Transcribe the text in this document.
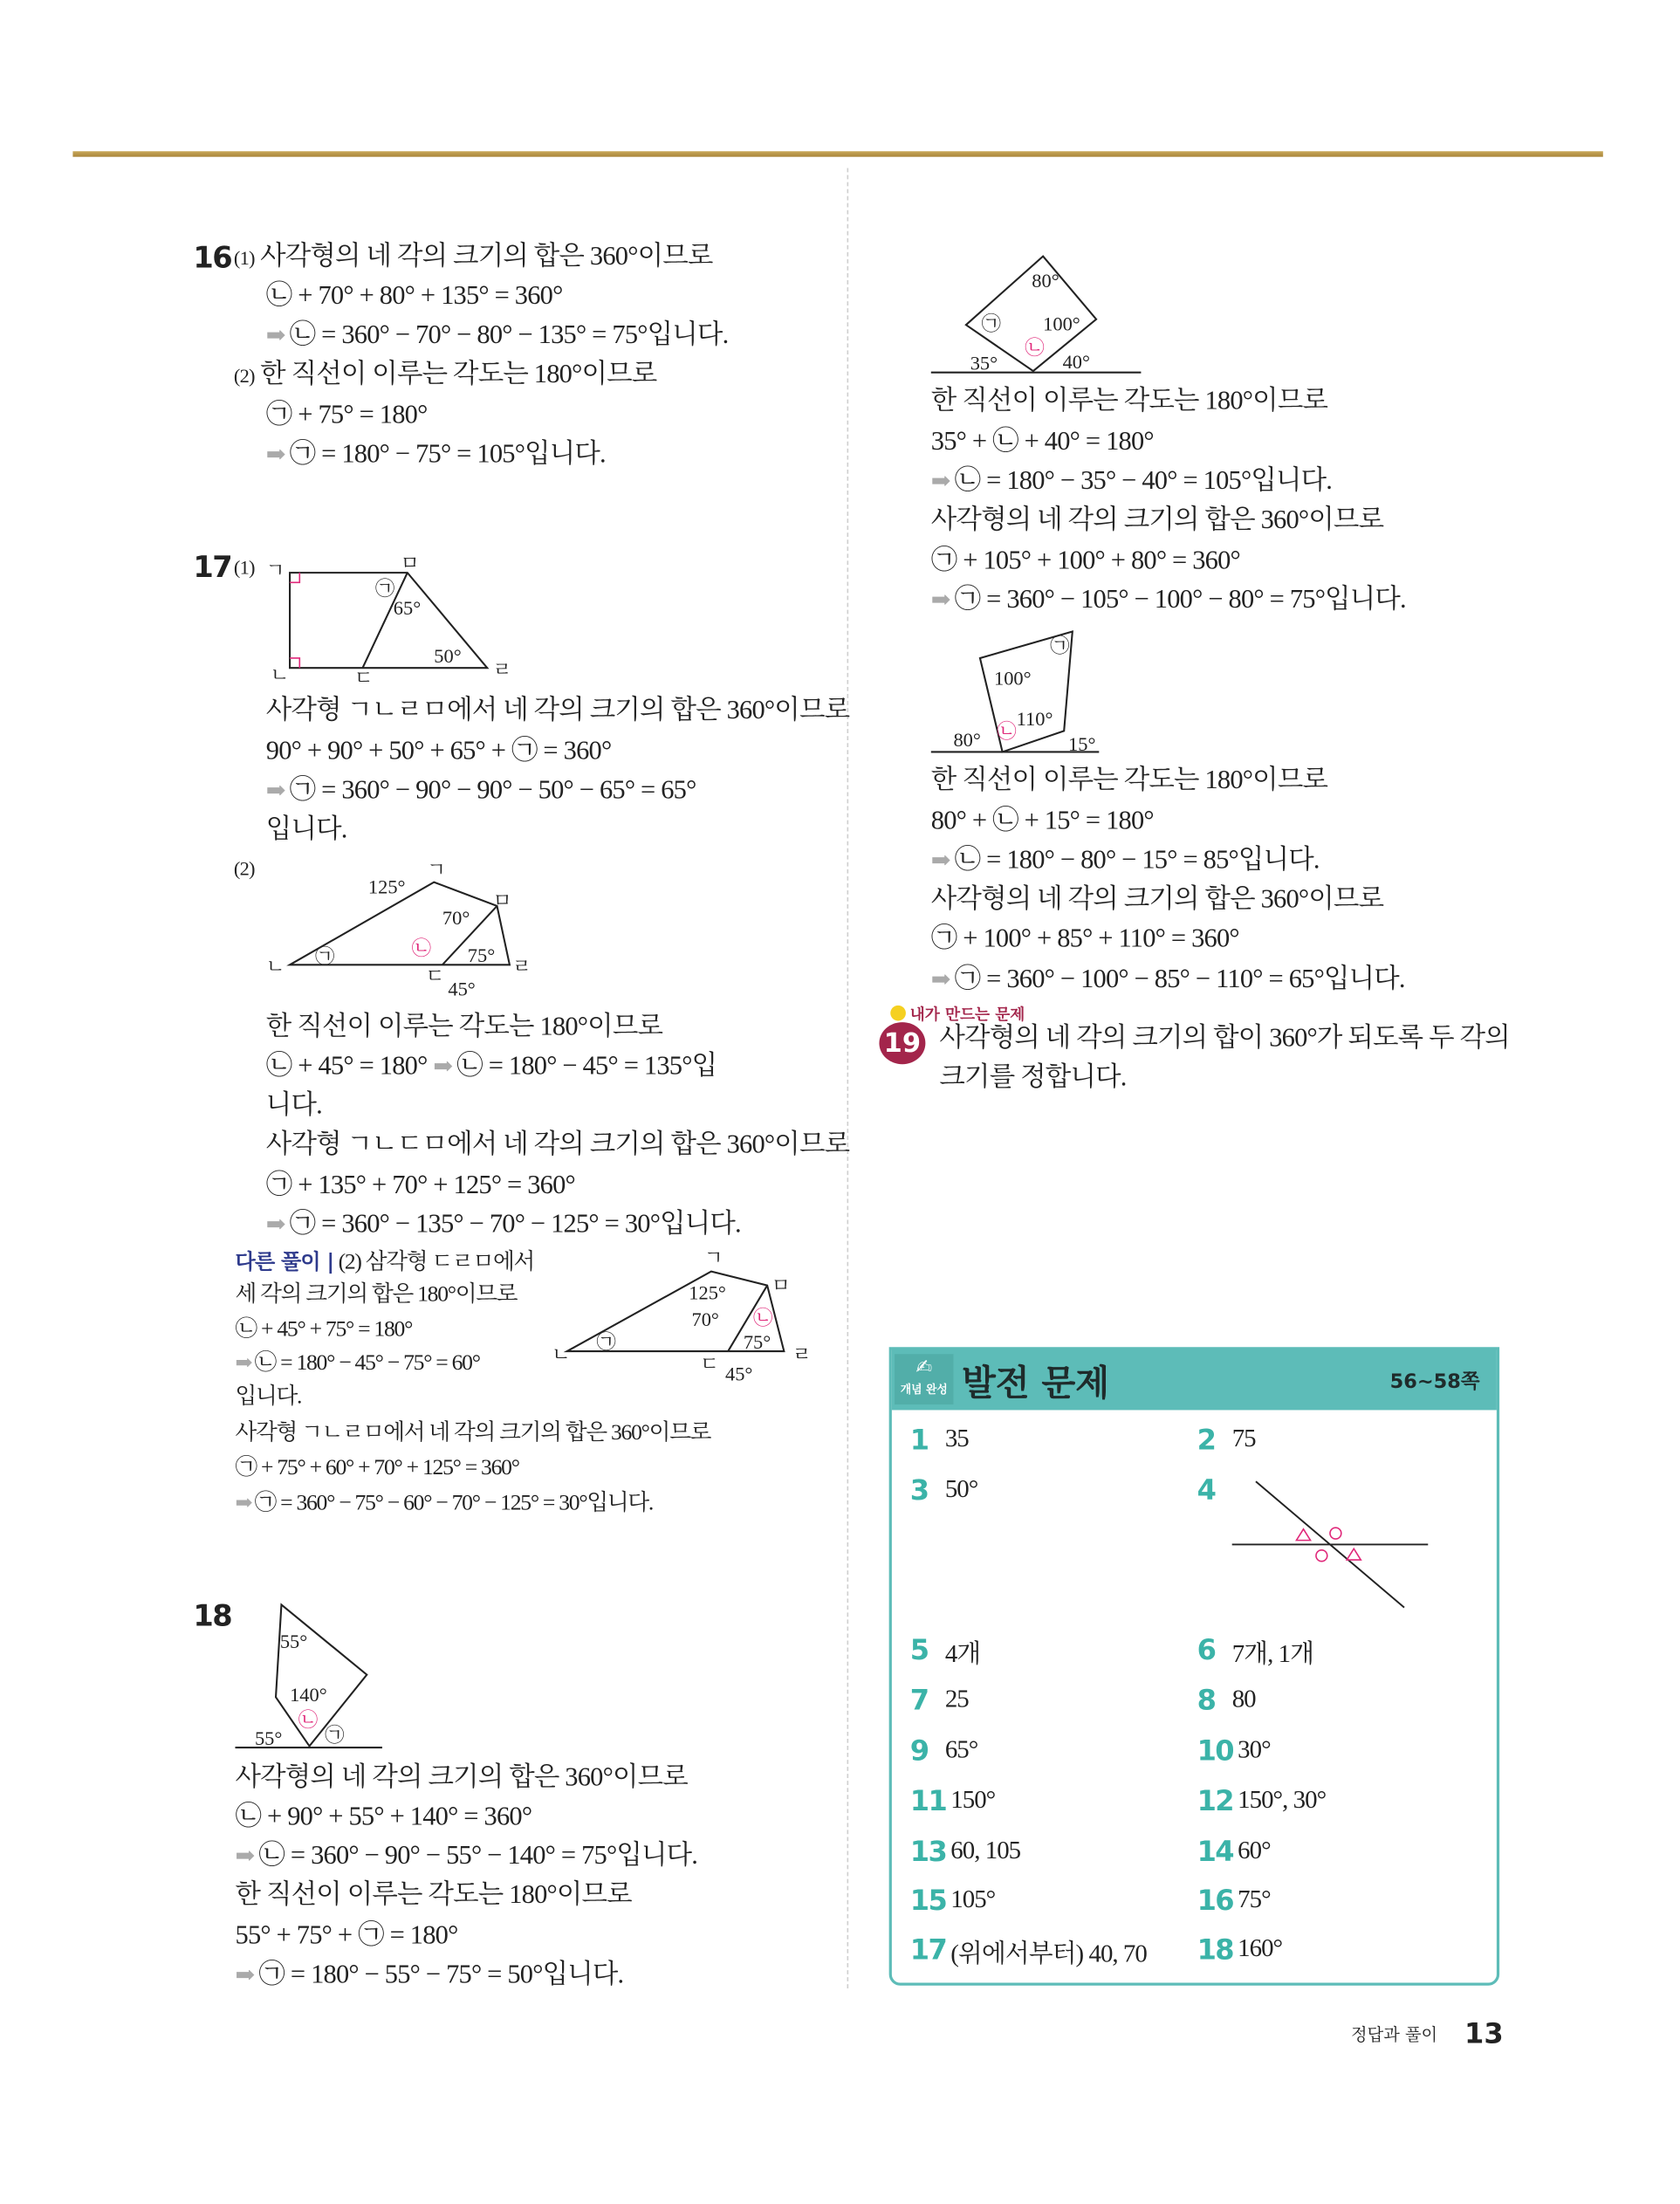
16 (1) 사각형의 네 각의 크기의 합은 360°이므로
㉡ + 70° + 80° + 135° = 360°
➡ ㉡ = 360° − 70° − 80° − 135° = 75°입니다.
(2) 한 직선이 이루는 각도는 180°이므로
㉠ + 75° = 180°
➡ ㉠ = 180° − 75° = 105°입니다.
17 (1) ㄱ	ㅁ
ㄴ	ㄷ	ㄹ
㉠
65°
50°
125°
ㄱ
70°
ㅁ
ㄴ ㉠	㉡	75°
ㄹ
ㄷ
45°
ㄱ
125°
70°
ㅁ
㉡
75°
ㄹ
ㄷ 45°
ㄴ
㉠
55°
140°
㉡
55°	㉠
80°
㉠	100°
㉡
35°	40°
㉠
100°
110°
80° ㉡
15°
사각형 ㄱㄴㄹㅁ에서 네 각의 크기의 합은 360°이므로
90° + 90° + 50° + 65° + ㉠ = 360°
➡ ㉠ = 360° − 90° − 90° − 50° − 65° = 65°
입니다.
(2)
한 직선이 이루는 각도는 180°이므로
㉡ + 45° = 180° ➡ ㉡ = 180° − 45° = 135°입
니다.
사각형 ㄱㄴㄷㅁ에서 네 각의 크기의 합은 360°이므로
㉠ + 135° + 70° + 125° = 360°
➡ ㉠ = 360° − 135° − 70° − 125° = 30°입니다.
다른 풀이 | (2) 삼각형 ㄷㄹㅁ에서
세 각의 크기의 합은 180°이므로
㉡ + 45° + 75° = 180°
➡ ㉡ = 180° − 45° − 75° = 60°
입니다.
사각형 ㄱㄴㄹㅁ에서 네 각의 크기의 합은 360°이므로
㉠ + 75° + 60° + 70° + 125° = 360°
➡ ㉠ = 360° − 75° − 60° − 70° − 125° = 30°입니다.
18
사각형의 네 각의 크기의 합은 360°이므로
㉡ + 90° + 55° + 140° = 360°
➡ ㉡ = 360° − 90° − 55° − 140° = 75°입니다.
한 직선이 이루는 각도는 180°이므로
55° + 75° + ㉠ = 180°
➡ ㉠ = 180° − 55° − 75° = 50°입니다.
한 직선이 이루는 각도는 180°이므로
35° + ㉡ + 40° = 180°
➡ ㉡ = 180° − 35° − 40° = 105°입니다.
사각형의 네 각의 크기의 합은 360°이므로
㉠ + 105° + 100° + 80° = 360°
➡ ㉠ = 360° − 105° − 100° − 80° = 75°입니다.
한 직선이 이루는 각도는 180°이므로
80° + ㉡ + 15° = 180°
➡ ㉡ = 180° − 80° − 15° = 85°입니다.
사각형의 네 각의 크기의 합은 360°이므로
㉠ + 100° + 85° + 110° = 360°
➡ ㉠ = 360° − 100° − 85° − 110° = 65°입니다.
내가 만드는 문제
19 사각형의 네 각의 크기의 합이 360°가 되도록 두 각의
크기를 정합니다.
✍
개념 완성 발전 문제	56~58쪽
1 35	2 75
3 50°	4
5 4개	6 7개, 1개
7 25	8 80
9 65°	10 30°
11 150°	12 150°, 30°
13 60, 105	14 60°
15 105°	16 75°
17 (위에서부터) 40, 70	18 160°
정답과 풀이 13
